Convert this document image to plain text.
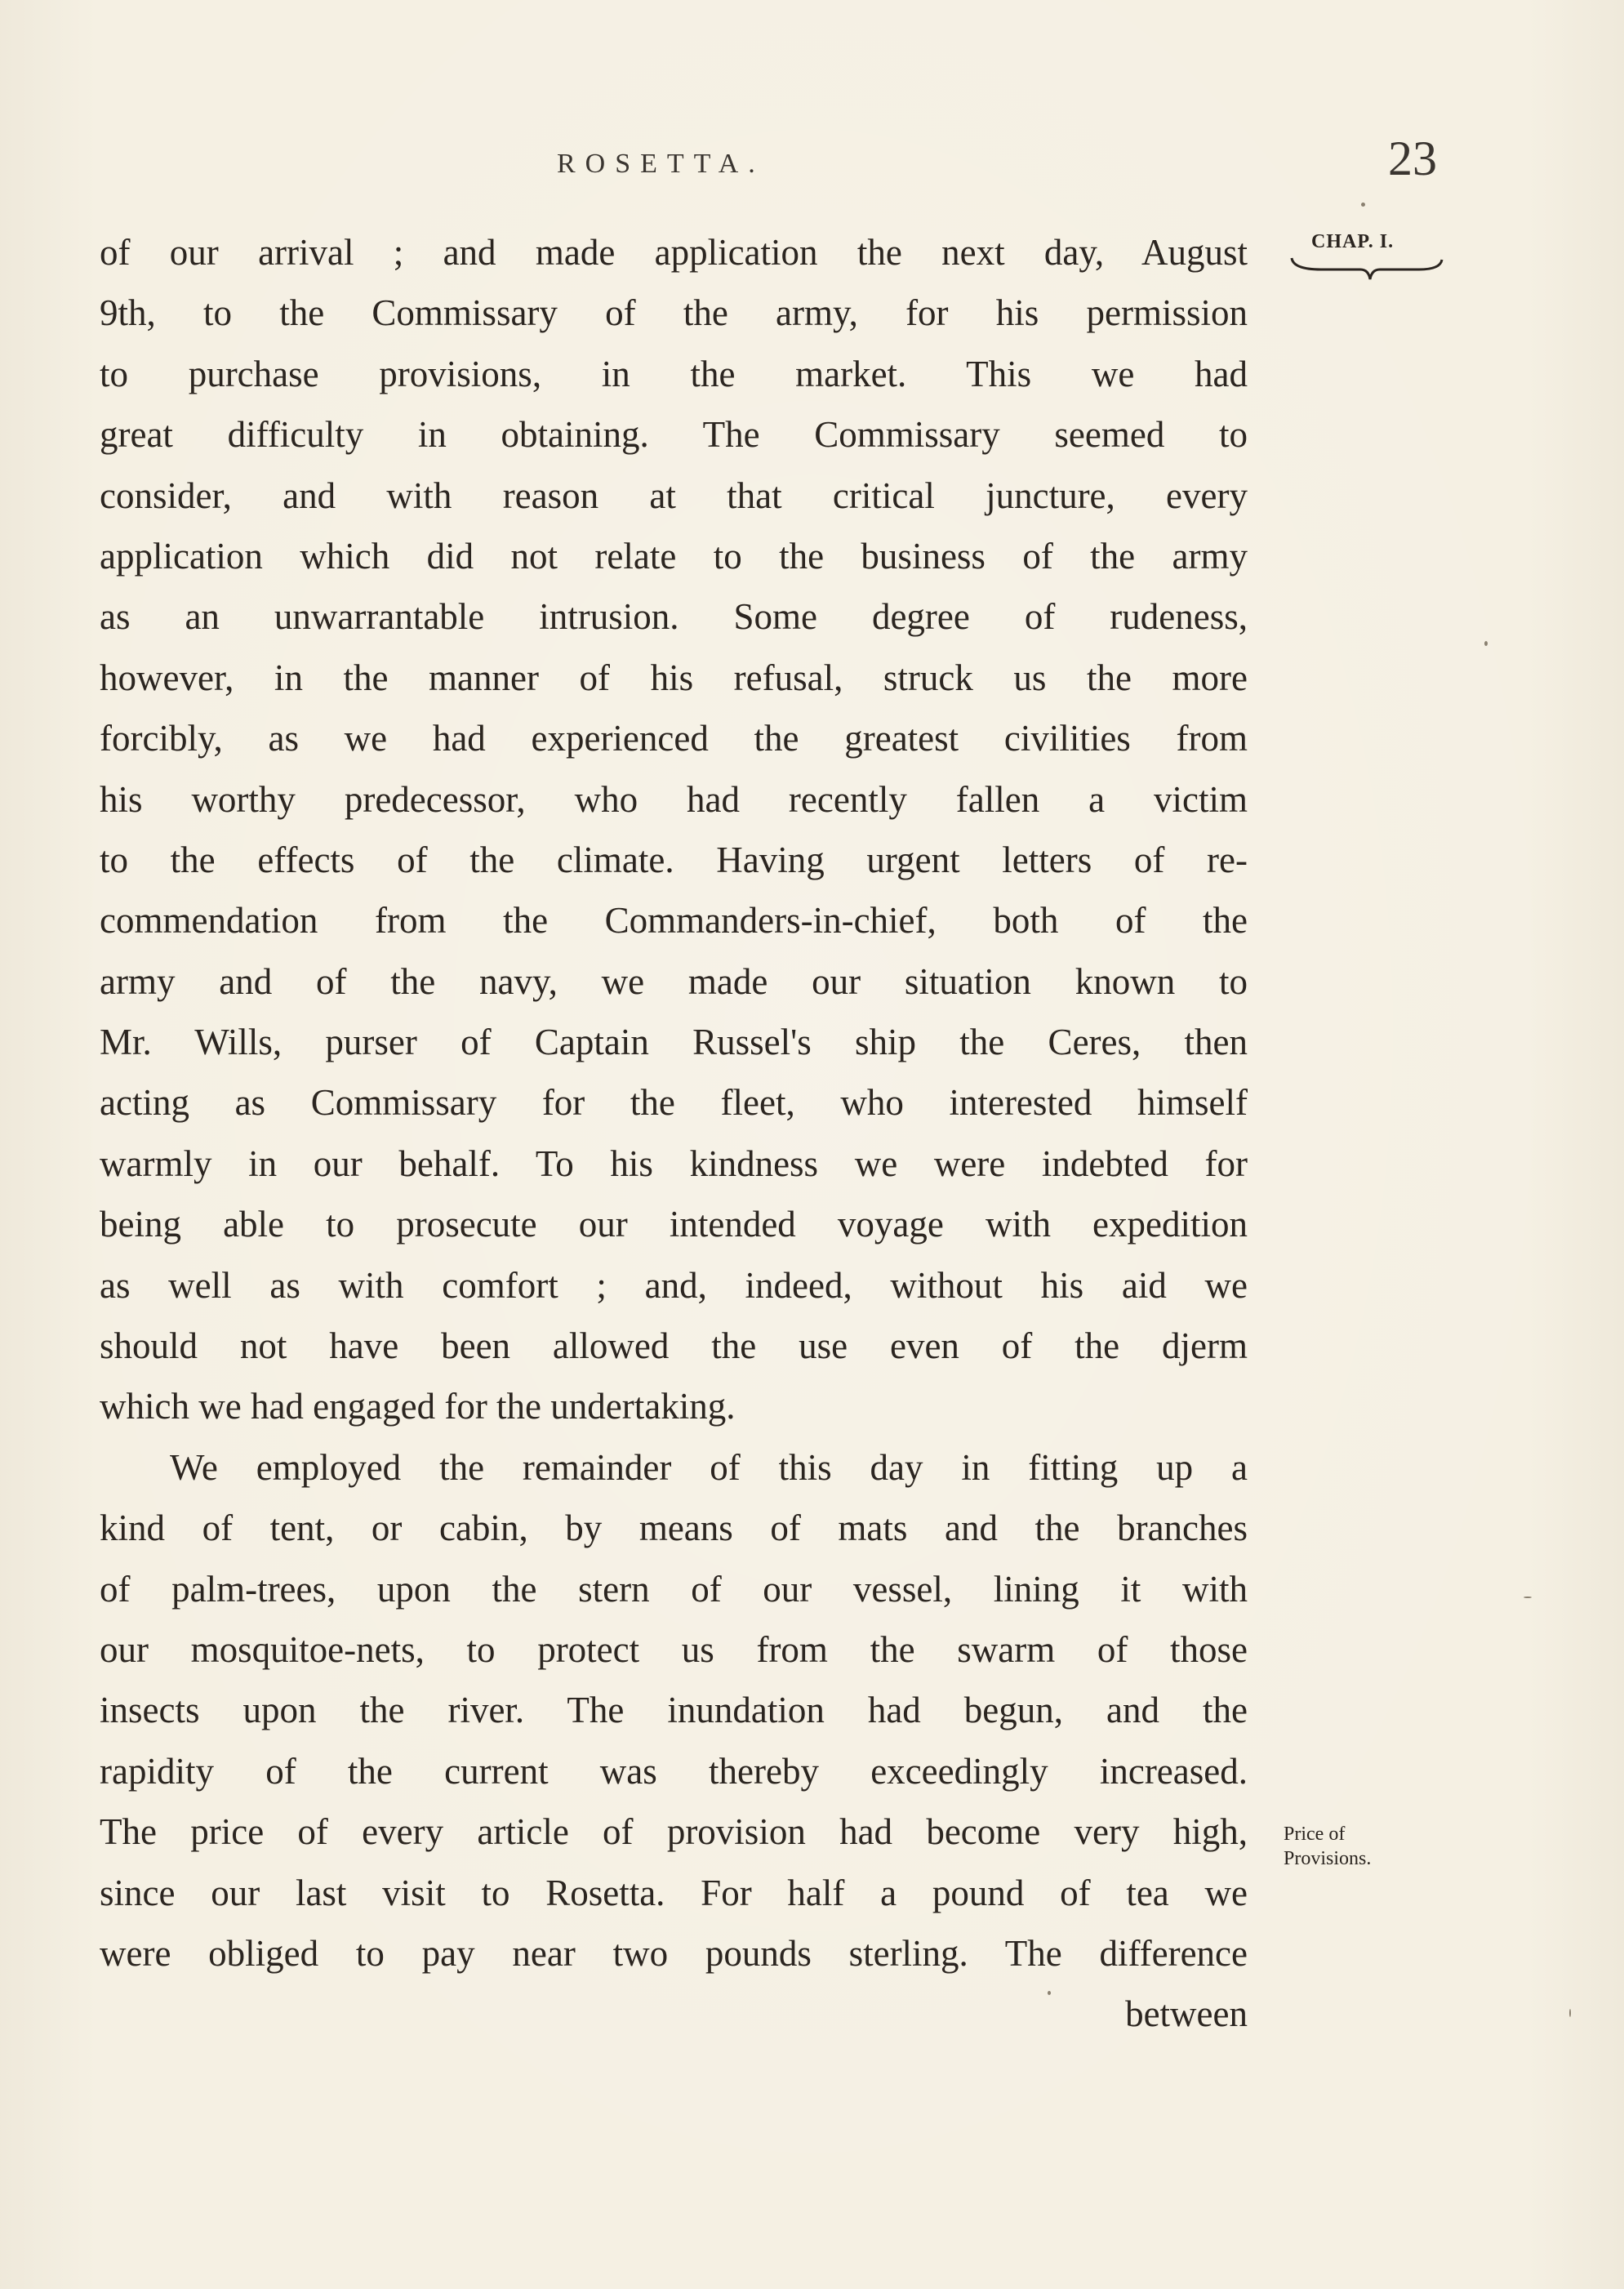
ROSETTA.	23
CHAP. I.
Price of
Provisions.
of our arrival ; and made application the next day, August
9th, to the Commissary of the army, for his permission
to purchase provisions, in the market. This we had
great difficulty in obtaining. The Commissary seemed to
consider, and with reason at that critical juncture, every
application which did not relate to the business of the army
as an unwarrantable intrusion. Some degree of rudeness,
however, in the manner of his refusal, struck us the more
forcibly, as we had experienced the greatest civilities from
his worthy predecessor, who had recently fallen a victim
to the effects of the climate. Having urgent letters of re-
commendation from the Commanders-in-chief, both of the
army and of the navy, we made our situation known to
Mr. Wills, purser of Captain Russel's ship the Ceres, then
acting as Commissary for the fleet, who interested himself
warmly in our behalf. To his kindness we were indebted for
being able to prosecute our intended voyage with expedition
as well as with comfort ; and, indeed, without his aid we
should not have been allowed the use even of the djerm
which we had engaged for the undertaking.
We employed the remainder of this day in fitting up a
kind of tent, or cabin, by means of mats and the branches
of palm-trees, upon the stern of our vessel, lining it with
our mosquitoe-nets, to protect us from the swarm of those
insects upon the river. The inundation had begun, and the
rapidity of the current was thereby exceedingly increased.
The price of every article of provision had become very high,
since our last visit to Rosetta. For half a pound of tea we
were obliged to pay near two pounds sterling. The difference
between
